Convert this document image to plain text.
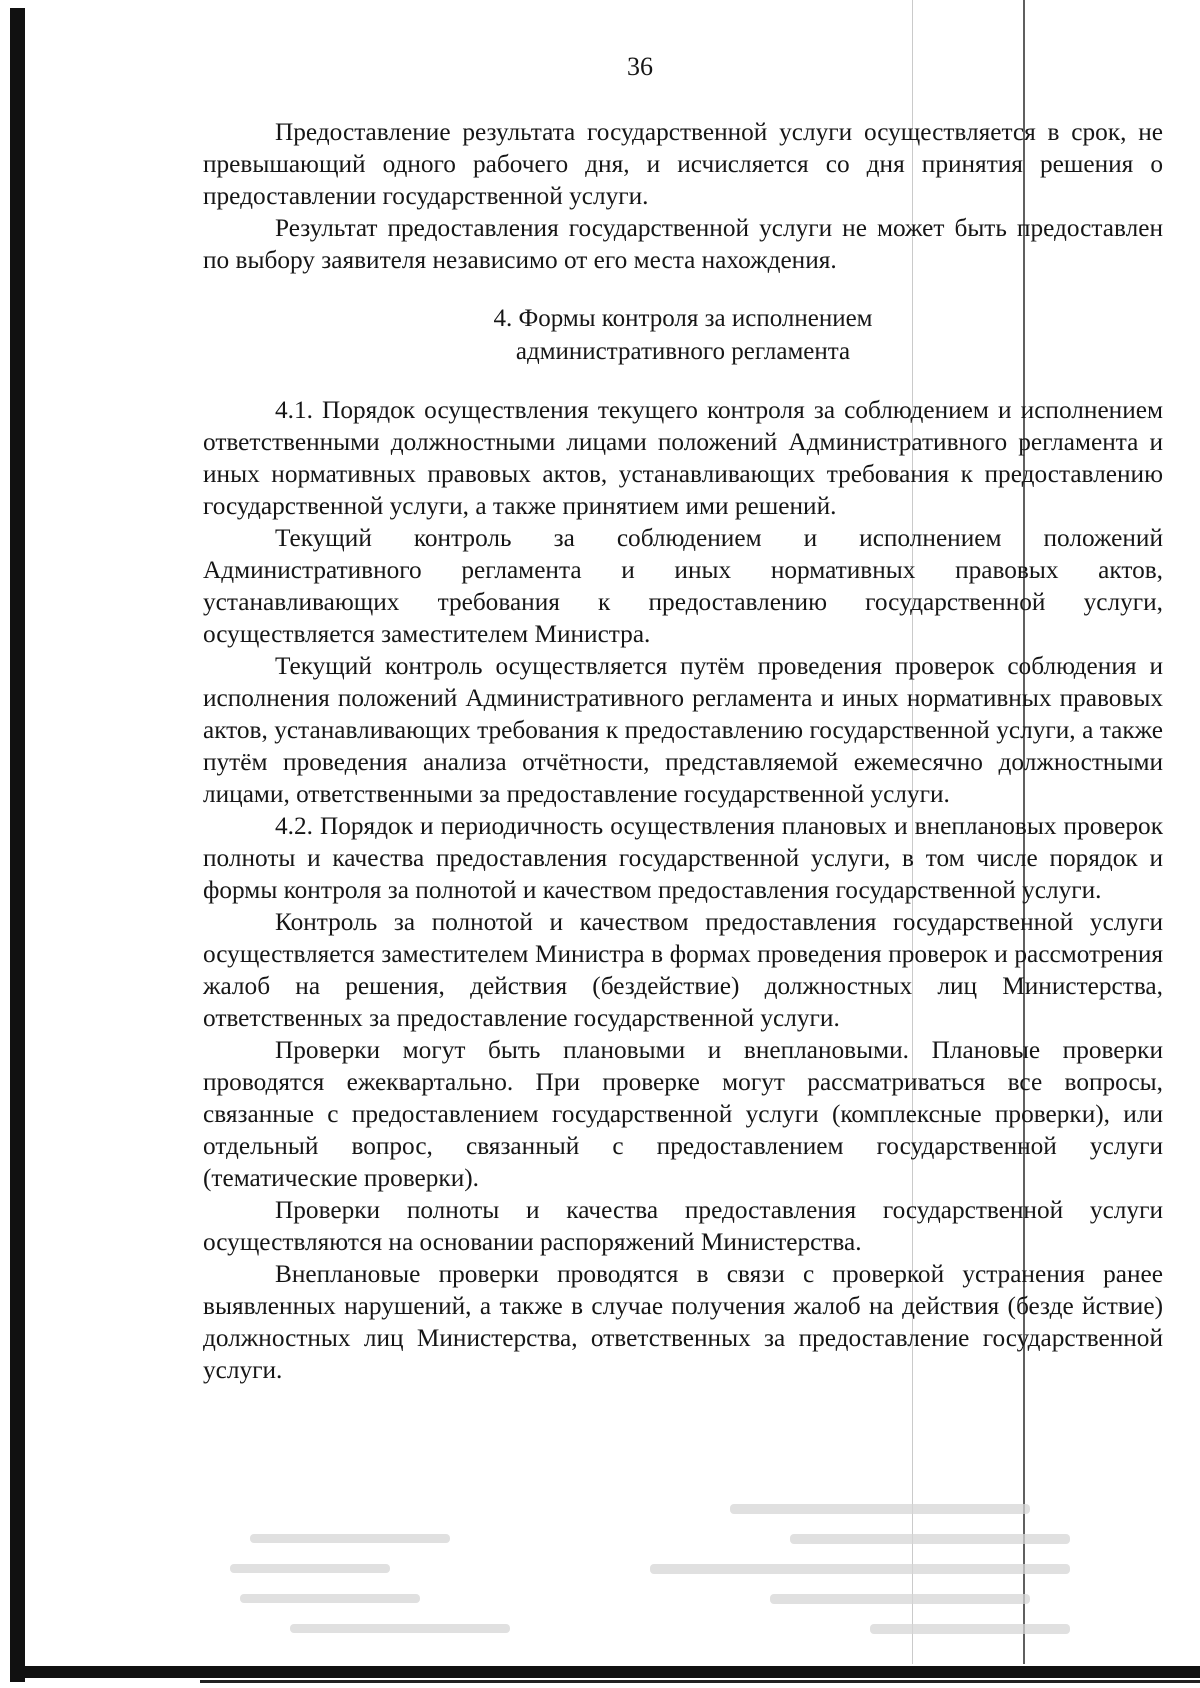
36

Предоставление результата государственной услуги осуществляется в срок, не превышающий одного рабочего дня, и исчисляется со дня принятия решения о предоставлении государственной услуги.

Результат предоставления государственной услуги не может быть предоставлен по выбору заявителя независимо от его места нахождения.

4. Формы контроля за исполнением
административного регламента

4.1. Порядок осуществления текущего контроля за соблюдением и исполнением ответственными должностными лицами положений Административного регламента и иных нормативных правовых актов, устанавливающих требования к предоставлению государственной услуги, а также принятием ими решений.

Текущий контроль за соблюдением и исполнением положений Административного регламента и иных нормативных правовых актов, устанавливающих требования к предоставлению государственной услуги, осуществляется заместителем Министра.

Текущий контроль осуществляется путём проведения проверок соблюдения и исполнения положений Административного регламента и иных нормативных правовых актов, устанавливающих требования к предоставлению государственной услуги, а также путём проведения анализа отчётности, представляемой ежемесячно должностными лицами, ответственными за предоставление государственной услуги.

4.2. Порядок и периодичность осуществления плановых и внеплановых проверок полноты и качества предоставления государственной услуги, в том числе порядок и формы контроля за полнотой и качеством предоставления государственной услуги.

Контроль за полнотой и качеством предоставления государственной услуги осуществляется заместителем Министра в формах проведения проверок и рассмотрения жалоб на решения, действия (бездействие) должностных лиц Министерства, ответственных за предоставление государственной услуги.

Проверки могут быть плановыми и внеплановыми. Плановые проверки проводятся ежеквартально. При проверке могут рассматриваться все вопросы, связанные с предоставлением государственной услуги (комплексные проверки), или отдельный вопрос, связанный с предоставлением государственной услуги (тематические проверки).

Проверки полноты и качества предоставления государственной услуги осуществляются на основании распоряжений Министерства.

Внеплановые проверки проводятся в связи с проверкой устранения ранее выявленных нарушений, а также в случае получения жалоб на действия (безде йствие) должностных лиц Министерства, ответственных за предоставление государственной услуги.
